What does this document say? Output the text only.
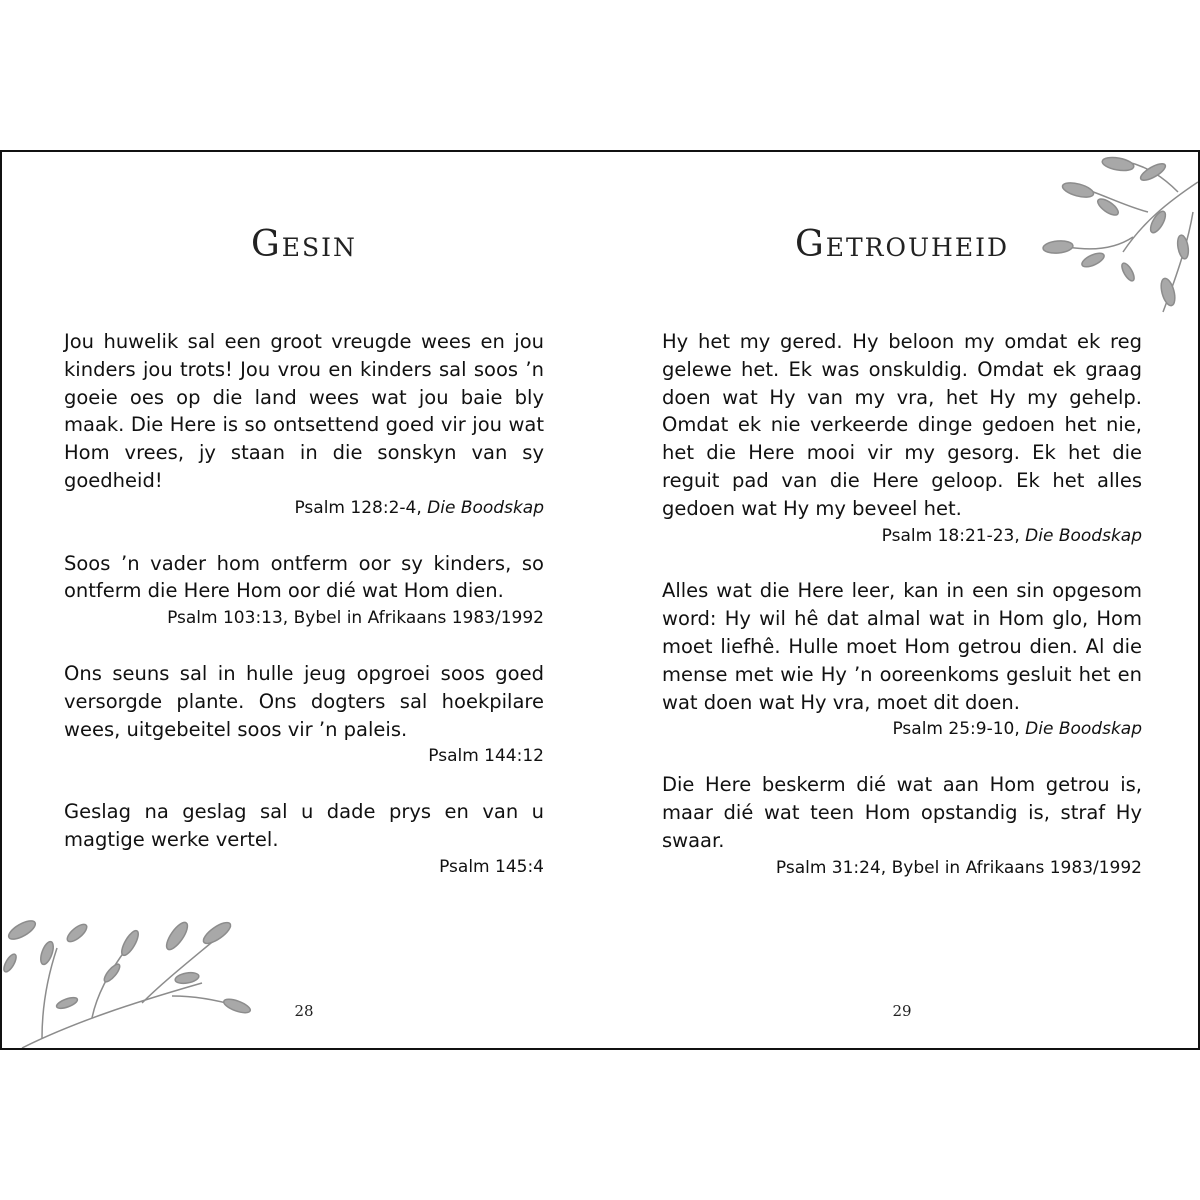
Gesin

Jou huwelik sal een groot vreugde wees en jou kinders jou trots! Jou vrou en kinders sal soos ’n goeie oes op die land wees wat jou baie bly maak. Die Here is so ontsettend goed vir jou wat Hom vrees, jy staan in die sonskyn van sy goedheid!

Psalm 128:2-4, Die Boodskap

Soos ’n vader hom ontferm oor sy kinders, so ontferm die Here Hom oor dié wat Hom dien.

Psalm 103:13, Bybel in Afrikaans 1983/1992

Ons seuns sal in hulle jeug opgroei soos goed versorgde plante. Ons dogters sal hoekpilare wees, uitgebeitel soos vir ’n paleis.

Psalm 144:12

Geslag na geslag sal u dade prys en van u magtige werke vertel.

Psalm 145:4

28
Getrouheid

Hy het my gered. Hy beloon my omdat ek reg gelewe het. Ek was onskuldig. Omdat ek graag doen wat Hy van my vra, het Hy my gehelp. Omdat ek nie verkeerde dinge gedoen het nie, het die Here mooi vir my gesorg. Ek het die reguit pad van die Here geloop. Ek het alles gedoen wat Hy my beveel het.

Psalm 18:21-23, Die Boodskap

Alles wat die Here leer, kan in een sin opgesom word: Hy wil hê dat almal wat in Hom glo, Hom moet liefhê. Hulle moet Hom getrou dien. Al die mense met wie Hy ’n ooreenkoms gesluit het en wat doen wat Hy vra, moet dit doen.

Psalm 25:9-10, Die Boodskap

Die Here beskerm dié wat aan Hom getrou is, maar dié wat teen Hom opstandig is, straf Hy swaar.

Psalm 31:24, Bybel in Afrikaans 1983/1992

29
